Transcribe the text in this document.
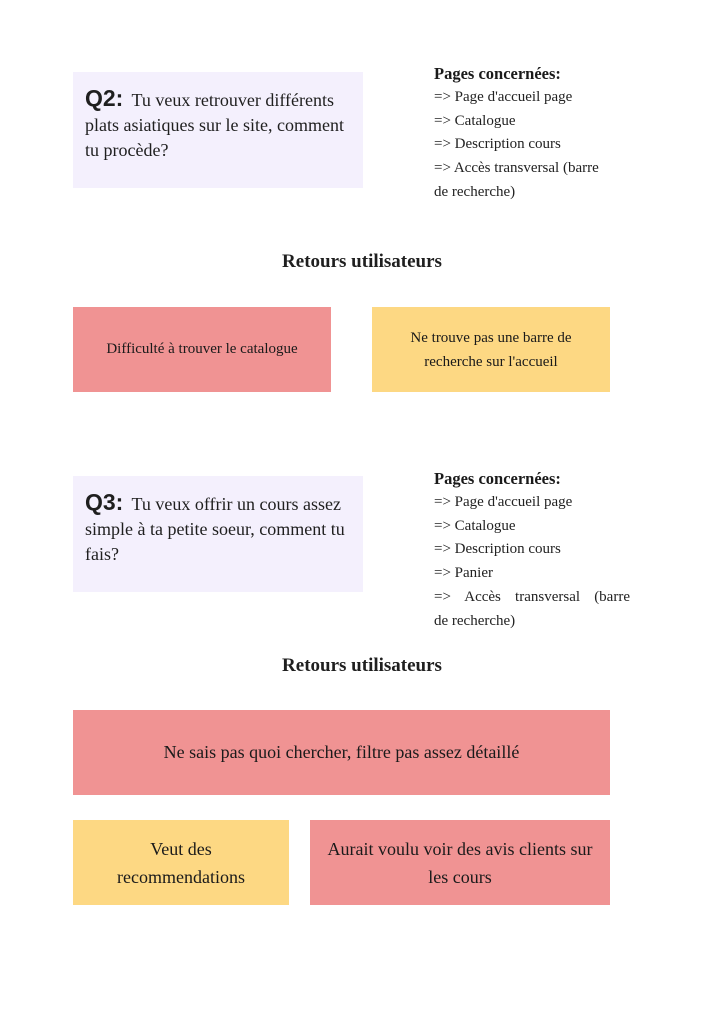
Q2: Tu veux retrouver différents plats asiatiques sur le site, comment tu procède?
Pages concernées:
=> Page d'accueil page
=> Catalogue
=> Description cours
=> Accès transversal (barre
de recherche)
Retours utilisateurs
Difficulté à trouver le catalogue
Ne trouve pas une barre de recherche sur l'accueil
Q3: Tu veux offrir un cours assez simple à ta petite soeur, comment tu fais?
Pages concernées:
=> Page d'accueil page
=> Catalogue
=> Description cours
=> Panier
=> Accès transversal (barre
de recherche)
Retours utilisateurs
Ne sais pas quoi chercher, filtre pas assez détaillé
Veut des recommendations
Aurait voulu voir des avis clients sur les cours
